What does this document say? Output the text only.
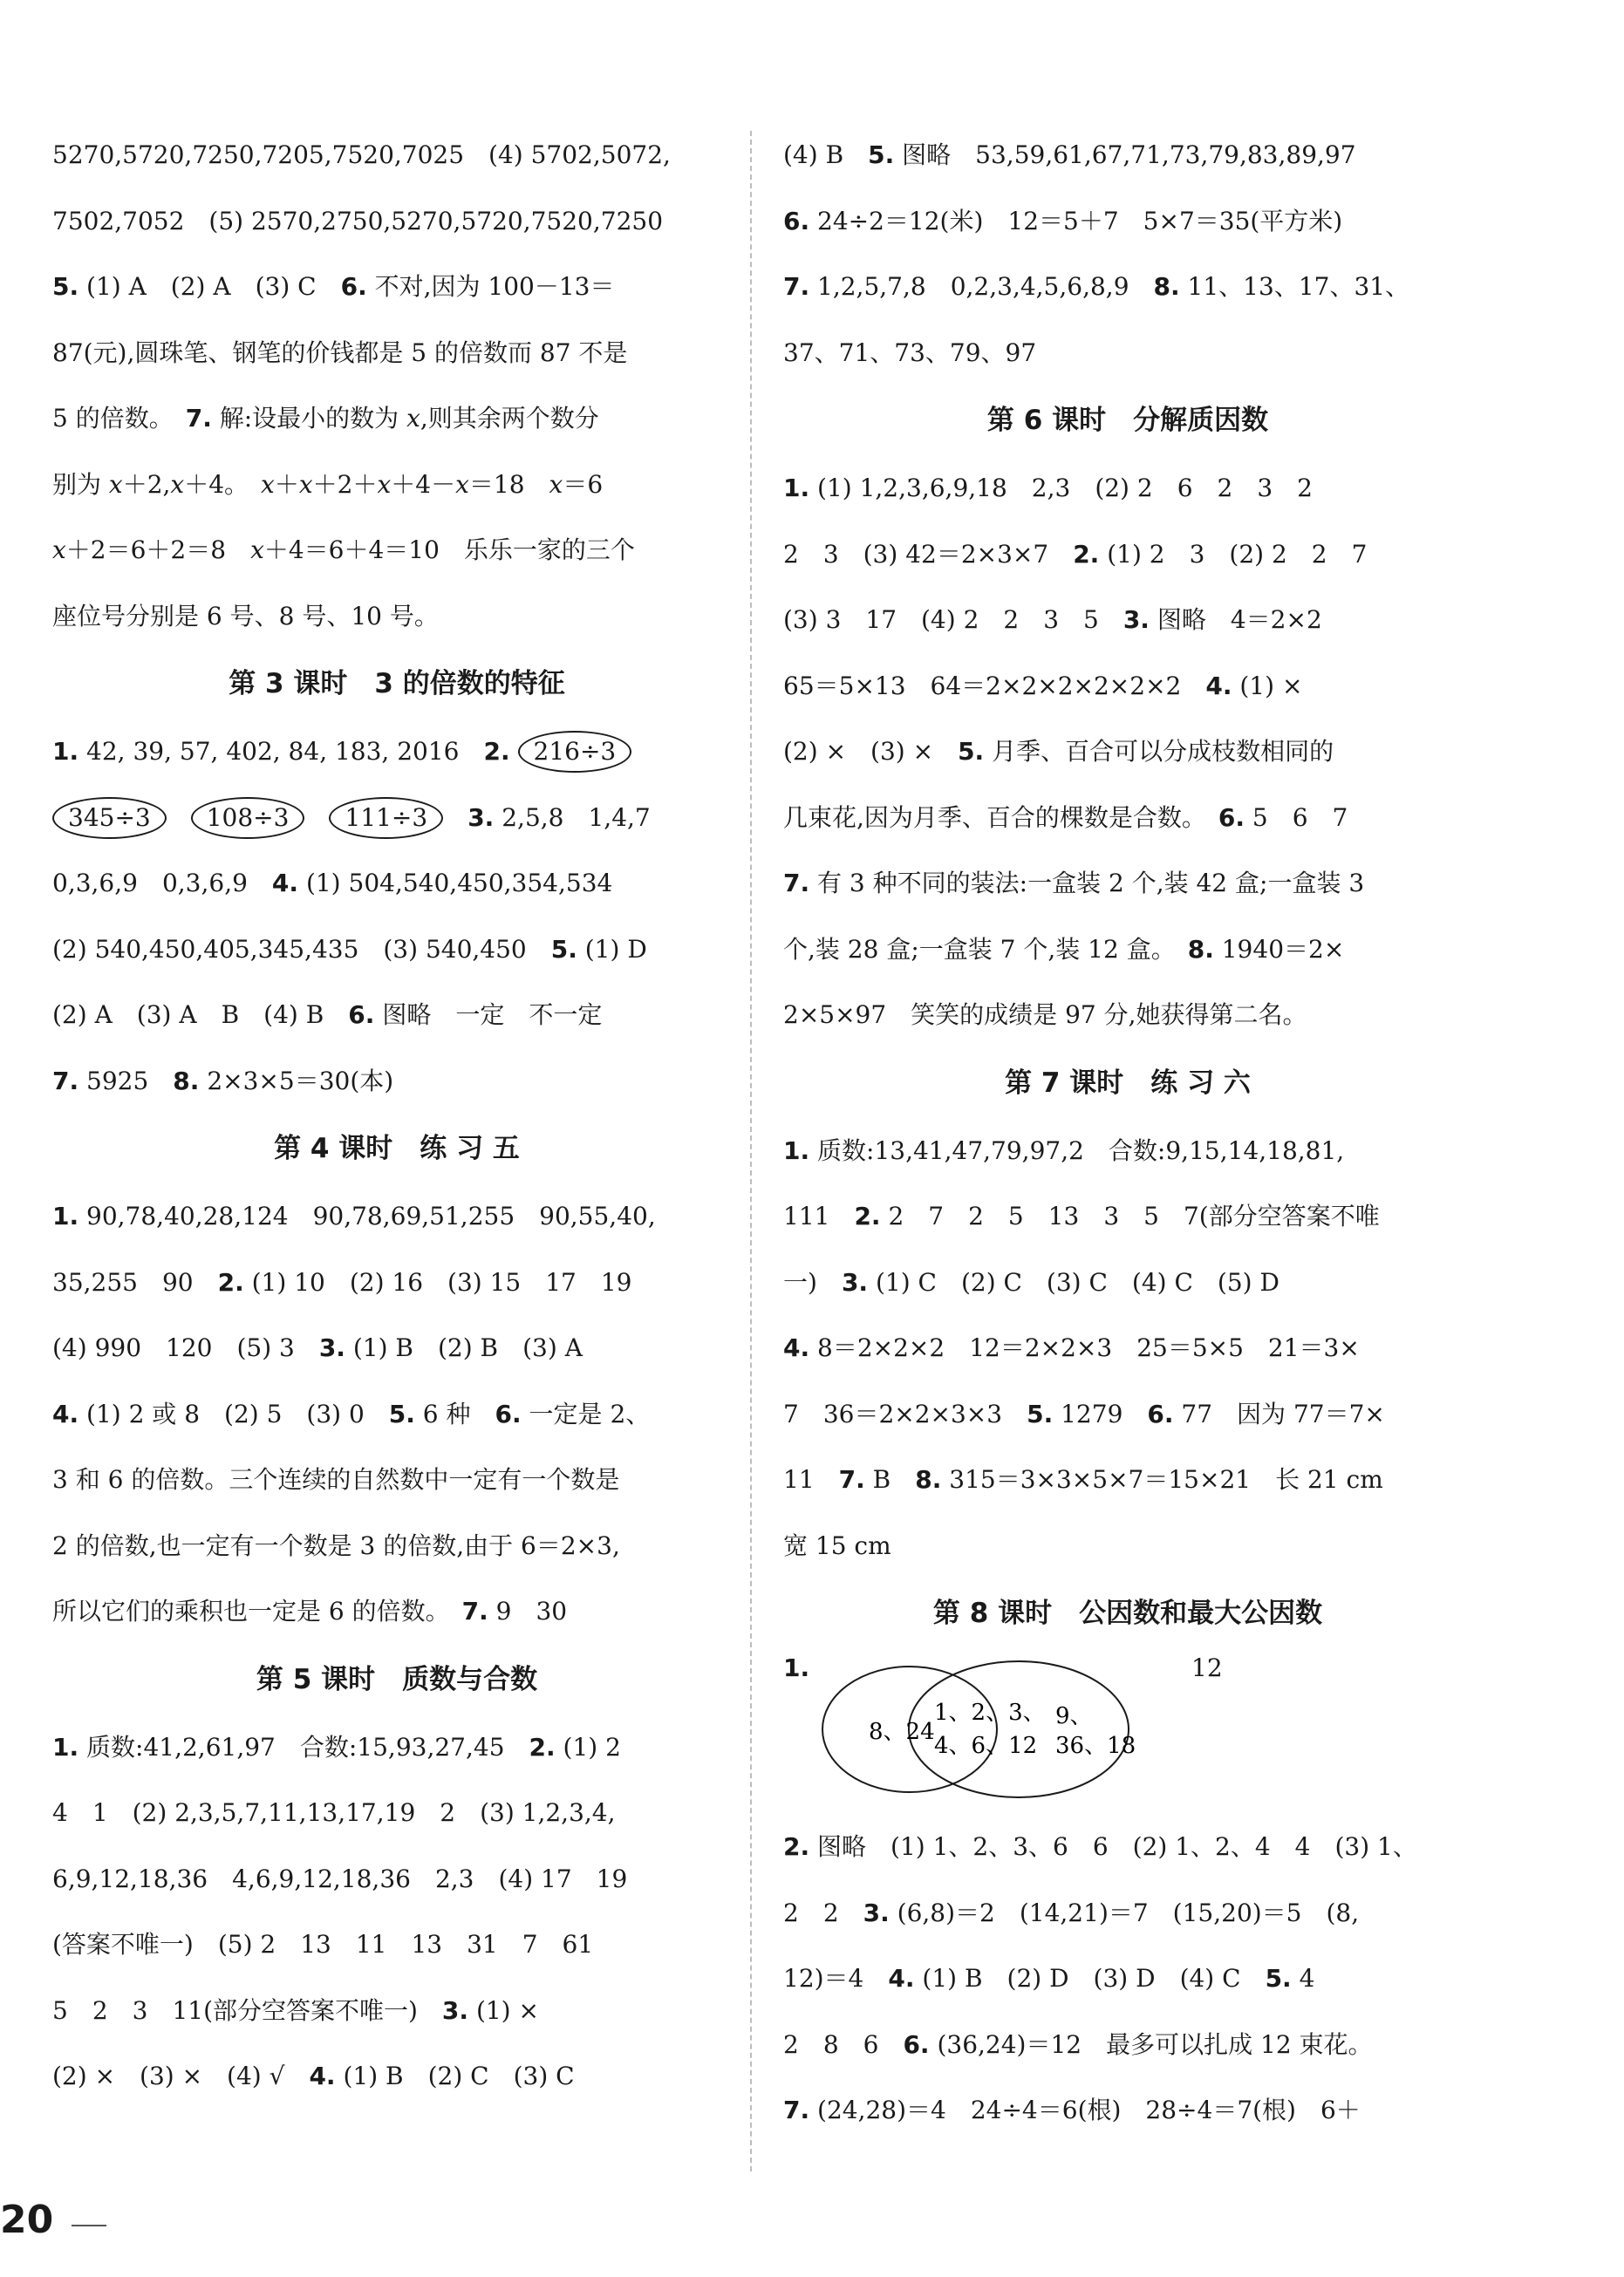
5270,5720,7250,7205,7520,7025　(4) 5702,5072,
7502,7052　(5) 2570,2750,5270,5720,7520,7250
5. (1) A　(2) A　(3) C　6. 不对,因为 100－13＝
87(元),圆珠笔、钢笔的价钱都是 5 的倍数而 87 不是
5 的倍数。　7. 解:设最小的数为 x,则其余两个数分
别为 x＋2,x＋4。　x＋x＋2＋x＋4－x＝18　x＝6
x＋2＝6＋2＝8　x＋4＝6＋4＝10　乐乐一家的三个
座位号分别是 6 号、8 号、10 号。
第 3 课时　3 的倍数的特征
1. 42, 39, 57, 402, 84, 183, 2016　2. 216÷3
345÷3　 108÷3　 111÷3　 3. 2,5,8　1,4,7
0,3,6,9　0,3,6,9　4. (1) 504,540,450,354,534
(2) 540,450,405,345,435　(3) 540,450　5. (1) D
(2) A　(3) A　B　(4) B　6. 图略　一定　不一定
7. 5925　8. 2×3×5＝30(本)
第 4 课时　练 习 五
1. 90,78,40,28,124　90,78,69,51,255　90,55,40,
35,255　90　2. (1) 10　(2) 16　(3) 15　17　19
(4) 990　120　(5) 3　3. (1) B　(2) B　(3) A
4. (1) 2 或 8　(2) 5　(3) 0　5. 6 种　6. 一定是 2、
3 和 6 的倍数。三个连续的自然数中一定有一个数是
2 的倍数,也一定有一个数是 3 的倍数,由于 6＝2×3,
所以它们的乘积也一定是 6 的倍数。　7. 9　30
第 5 课时　质数与合数
1. 质数:41,2,61,97　合数:15,93,27,45　2. (1) 2
4　1　(2) 2,3,5,7,11,13,17,19　2　(3) 1,2,3,4,
6,9,12,18,36　4,6,9,12,18,36　2,3　(4) 17　19
(答案不唯一)　(5) 2　13　11　13　31　7　61
5　2　3　11(部分空答案不唯一)　3. (1) ×
(2) ×　(3) ×　(4) √　4. (1) B　(2) C　(3) C
(4) B　5. 图略　53,59,61,67,71,73,79,83,89,97
6. 24÷2＝12(米)　12＝5＋7　5×7＝35(平方米)
7. 1,2,5,7,8　0,2,3,4,5,6,8,9　8. 11、13、17、31、
37、71、73、79、97
第 6 课时　分解质因数
1. (1) 1,2,3,6,9,18　2,3　(2) 2　6　2　3　2
2　3　(3) 42＝2×3×7　2. (1) 2　3　(2) 2　2　7
(3) 3　17　(4) 2　2　3　5　3. 图略　4＝2×2
65＝5×13　64＝2×2×2×2×2×2　4. (1) ×
(2) ×　(3) ×　5. 月季、百合可以分成枝数相同的
几束花,因为月季、百合的棵数是合数。　6. 5　6　7
7. 有 3 种不同的装法:一盒装 2 个,装 42 盒;一盒装 3
个,装 28 盒;一盒装 7 个,装 12 盒。　8. 1940＝2×
2×5×97　笑笑的成绩是 97 分,她获得第二名。
第 7 课时　练 习 六
1. 质数:13,41,47,79,97,2　合数:9,15,14,18,81,
111　2. 2　7　2　5　13　3　5　7(部分空答案不唯
一)　3. (1) C　(2) C　(3) C　(4) C　(5) D
4. 8＝2×2×2　12＝2×2×3　25＝5×5　21＝3×
7　36＝2×2×3×3　5. 1279　6. 77　因为 77＝7×
11　7. B　8. 315＝3×3×5×7＝15×21　长 21 cm
宽 15 cm
第 8 课时　公因数和最大公因数
1.
8、24
1、2、3、
4、6、12
9、
36、18
12
2. 图略　(1) 1、2、3、6　6　(2) 1、2、4　4　(3) 1、
2　2　3. (6,8)＝2　(14,21)＝7　(15,20)＝5　(8,
12)＝4　4. (1) B　(2) D　(3) D　(4) C　5. 4
2　8　6　6. (36,24)＝12　最多可以扎成 12 束花。
7. (24,28)＝4　24÷4＝6(根)　28÷4＝7(根)　6＋
20
